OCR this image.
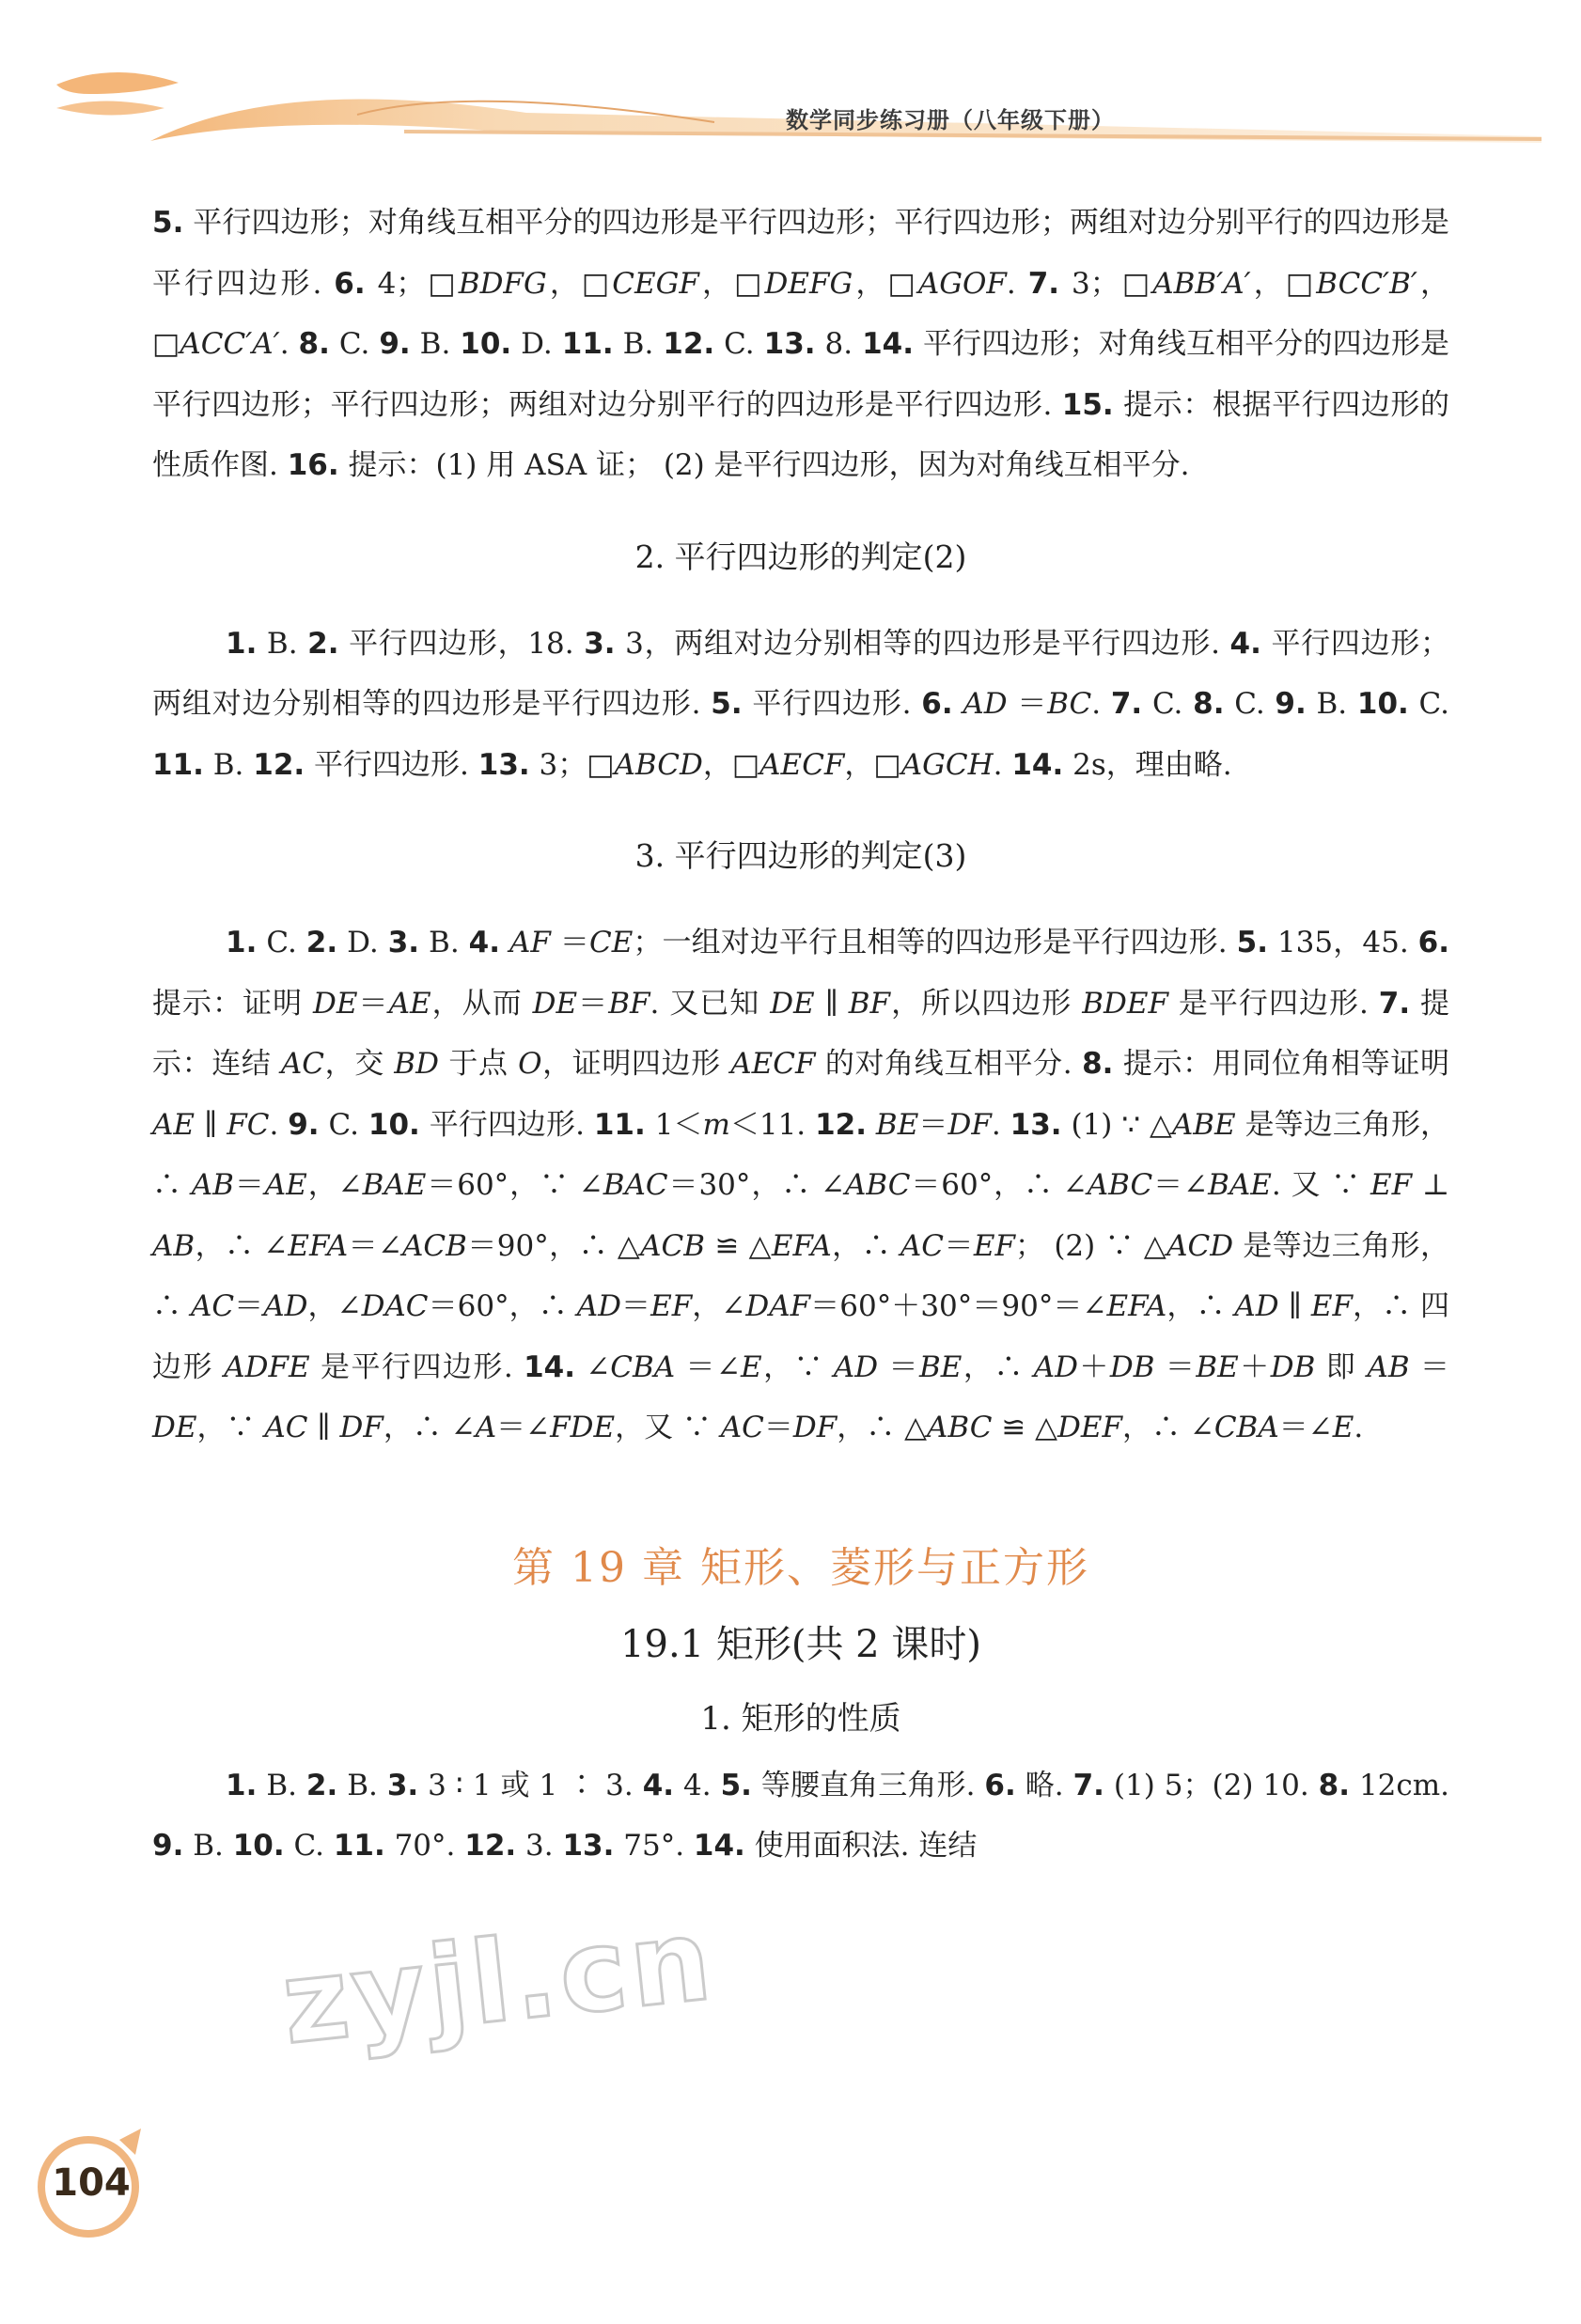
数学同步练习册（八年级下册）

5. 平行四边形；对角线互相平分的四边形是平行四边形；平行四边形；两组对边分别平行的四边形是平行四边形. 6. 4；□BDFG，□CEGF，□DEFG，□AGOF. 7. 3；□ABB′A′，□BCC′B′，□ACC′A′. 8. C. 9. B. 10. D. 11. B. 12. C. 13. 8. 14. 平行四边形；对角线互相平分的四边形是平行四边形；平行四边形；两组对边分别平行的四边形是平行四边形. 15. 提示：根据平行四边形的性质作图. 16. 提示：(1) 用 ASA 证； (2) 是平行四边形，因为对角线互相平分.

2. 平行四边形的判定(2)

1. B. 2. 平行四边形，18. 3. 3，两组对边分别相等的四边形是平行四边形. 4. 平行四边形；两组对边分别相等的四边形是平行四边形. 5. 平行四边形. 6. AD ＝BC. 7. C. 8. C. 9. B. 10. C. 11. B. 12. 平行四边形. 13. 3；□ABCD，□AECF，□AGCH. 14. 2s，理由略.

3. 平行四边形的判定(3)

1. C. 2. D. 3. B. 4. AF ＝CE；一组对边平行且相等的四边形是平行四边形. 5. 135，45. 6. 提示：证明 DE＝AE，从而 DE＝BF. 又已知 DE ∥ BF，所以四边形 BDEF 是平行四边形. 7. 提示：连结 AC，交 BD 于点 O，证明四边形 AECF 的对角线互相平分. 8. 提示：用同位角相等证明 AE ∥ FC. 9. C. 10. 平行四边形. 11. 1＜m＜11. 12. BE＝DF. 13. (1) ∵ △ABE 是等边三角形，∴ AB＝AE，∠BAE＝60°，∵ ∠BAC＝30°，∴ ∠ABC＝60°，∴ ∠ABC＝∠BAE. 又 ∵ EF ⊥ AB，∴ ∠EFA＝∠ACB＝90°，∴ △ACB ≌ △EFA，∴ AC＝EF； (2) ∵ △ACD 是等边三角形，∴ AC＝AD，∠DAC＝60°，∴ AD＝EF，∠DAF＝60°＋30°＝90°＝∠EFA，∴ AD ∥ EF，∴ 四边形 ADFE 是平行四边形. 14. ∠CBA ＝∠E，∵ AD ＝BE，∴ AD＋DB ＝BE＋DB 即 AB ＝DE，∵ AC ∥ DF，∴ ∠A＝∠FDE，又 ∵ AC＝DF，∴ △ABC ≌ △DEF，∴ ∠CBA＝∠E.

第 19 章 矩形、菱形与正方形
19.1 矩形(共 2 课时)
1. 矩形的性质

1. B. 2. B. 3. 3 ∶ 1 或 1 ∶ 3. 4. 4. 5. 等腰直角三角形. 6. 略. 7. (1) 5；(2) 10. 8. 12cm. 9. B. 10. C. 11. 70°. 12. 3. 13. 75°. 14. 使用面积法. 连结

zyjl.cn
104
